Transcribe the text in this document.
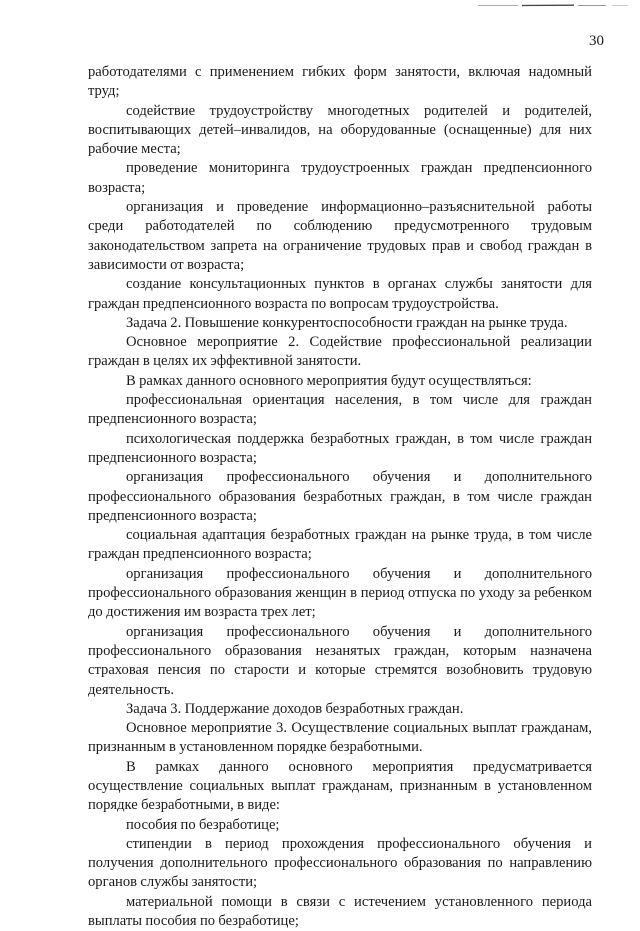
30

работодателями с применением гибких форм занятости, включая надомный труд;

содействие трудоустройству многодетных родителей и родителей, воспитывающих детей–инвалидов, на оборудованные (оснащенные) для них рабочие места;

проведение мониторинга трудоустроенных граждан предпенсионного возраста;

организация и проведение информационно–разъяснительной работы среди работодателей по соблюдению предусмотренного трудовым законодательством запрета на ограничение трудовых прав и свобод граждан в зависимости от возраста;

создание консультационных пунктов в органах службы занятости для граждан предпенсионного возраста по вопросам трудоустройства.

Задача 2. Повышение конкурентоспособности граждан на рынке труда.

Основное мероприятие 2. Содействие профессиональной реализации граждан в целях их эффективной занятости.

В рамках данного основного мероприятия будут осуществляться:

профессиональная ориентация населения, в том числе для граждан предпенсионного возраста;

психологическая поддержка безработных граждан, в том числе граждан предпенсионного возраста;

организация профессионального обучения и дополнительного профессионального образования безработных граждан, в том числе граждан предпенсионного возраста;

социальная адаптация безработных граждан на рынке труда, в том числе граждан предпенсионного возраста;

организация профессионального обучения и дополнительного профессионального образования женщин в период отпуска по уходу за ребенком до достижения им возраста трех лет;

организация профессионального обучения и дополнительного профессионального образования незанятых граждан, которым назначена страховая пенсия по старости и которые стремятся возобновить трудовую деятельность.

Задача 3. Поддержание доходов безработных граждан.

Основное мероприятие 3. Осуществление социальных выплат гражданам, признанным в установленном порядке безработными.

В рамках данного основного мероприятия предусматривается осуществление социальных выплат гражданам, признанным в установленном порядке безработными, в виде:

пособия по безработице;

стипендии в период прохождения профессионального обучения и получения дополнительного профессионального образования по направлению органов службы занятости;

материальной помощи в связи с истечением установленного периода выплаты пособия по безработице;
